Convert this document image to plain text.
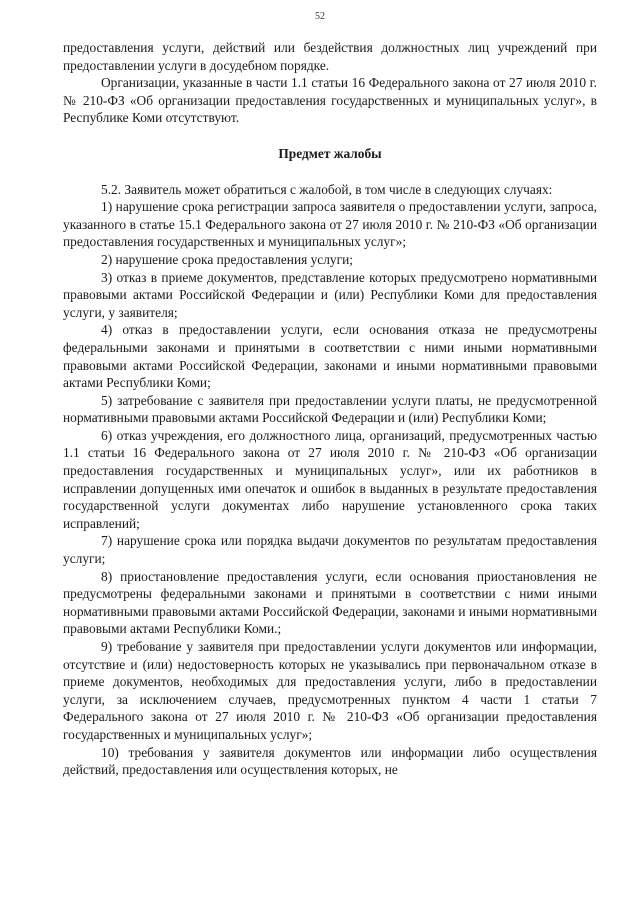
52

предоставления услуги, действий или бездействия должностных лиц учреждений при предоставлении услуги в досудебном порядке.

Организации, указанные в части 1.1 статьи 16 Федерального закона от 27 июля 2010 г. № 210-ФЗ «Об организации предоставления государственных и муниципальных услуг», в Республике Коми отсутствуют.

Предмет жалобы

5.2. Заявитель может обратиться с жалобой, в том числе в следующих случаях:

1) нарушение срока регистрации запроса заявителя о предоставлении услуги, запроса, указанного в статье 15.1 Федерального закона от 27 июля 2010 г. № 210-ФЗ «Об организации предоставления государственных и муниципальных услуг»;

2) нарушение срока предоставления услуги;

3) отказ в приеме документов, представление которых предусмотрено нормативными правовыми актами Российской Федерации и (или) Республики Коми для предоставления услуги, у заявителя;

4) отказ в предоставлении услуги, если основания отказа не предусмотрены федеральными законами и принятыми в соответствии с ними иными нормативными правовыми актами Российской Федерации, законами и иными нормативными правовыми актами Республики Коми;

5) затребование с заявителя при предоставлении услуги платы, не предусмотренной нормативными правовыми актами Российской Федерации и (или) Республики Коми;

6) отказ учреждения, его должностного лица, организаций, предусмотренных частью 1.1 статьи 16 Федерального закона от 27 июля 2010 г. № 210-ФЗ «Об организации предоставления государственных и муниципальных услуг», или их работников в исправлении допущенных ими опечаток и ошибок в выданных в результате предоставления государственной услуги документах либо нарушение установленного срока таких исправлений;

7) нарушение срока или порядка выдачи документов по результатам предоставления услуги;

8) приостановление предоставления услуги, если основания приостановления не предусмотрены федеральными законами и принятыми в соответствии с ними иными нормативными правовыми актами Российской Федерации, законами и иными нормативными правовыми актами Республики Коми.;

9) требование у заявителя при предоставлении услуги документов или информации, отсутствие и (или) недостоверность которых не указывались при первоначальном отказе в приеме документов, необходимых для предоставления услуги, либо в предоставлении услуги, за исключением случаев, предусмотренных пунктом 4 части 1 статьи 7 Федерального закона от 27 июля 2010 г. № 210-ФЗ «Об организации предоставления государственных и муниципальных услуг»;

10) требования у заявителя документов или информации либо осуществления действий, предоставления или осуществления которых, не
